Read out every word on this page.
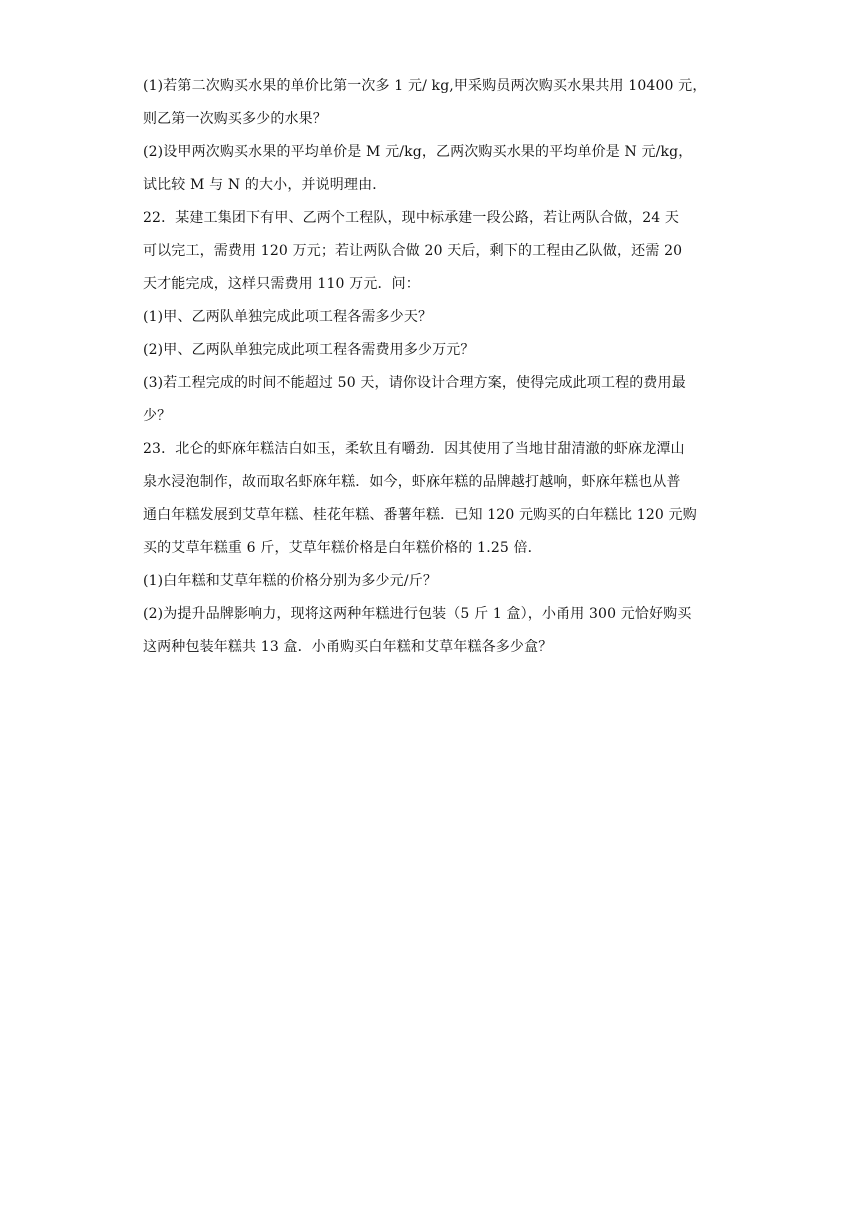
(1)若第二次购买水果的单价比第一次多 1 元/ kg,甲采购员两次购买水果共用 10400 元，
则乙第一次购买多少的水果？
(2)设甲两次购买水果的平均单价是 M 元/kg，乙两次购买水果的平均单价是 N 元/kg，
试比较 M 与 N 的大小，并说明理由．
22．某建工集团下有甲、乙两个工程队，现中标承建一段公路，若让两队合做，24 天
可以完工，需费用 120 万元；若让两队合做 20 天后，剩下的工程由乙队做，还需 20
天才能完成，这样只需费用 110 万元．问：
(1)甲、乙两队单独完成此项工程各需多少天？
(2)甲、乙两队单独完成此项工程各需费用多少万元？
(3)若工程完成的时间不能超过 50 天，请你设计合理方案，使得完成此项工程的费用最
少？
23．北仑的虾庥年糕洁白如玉，柔软且有嚼劲．因其使用了当地甘甜清澈的虾庥龙潭山
泉水浸泡制作，故而取名虾庥年糕．如今，虾庥年糕的品牌越打越响，虾庥年糕也从普
通白年糕发展到艾草年糕、桂花年糕、番薯年糕．已知 120 元购买的白年糕比 120 元购
买的艾草年糕重 6 斤，艾草年糕价格是白年糕价格的 1.25 倍．
(1)白年糕和艾草年糕的价格分别为多少元/斤？
(2)为提升品牌影响力，现将这两种年糕进行包装（5 斤 1 盒），小甬用 300 元恰好购买
这两种包装年糕共 13 盒．小甬购买白年糕和艾草年糕各多少盒？
